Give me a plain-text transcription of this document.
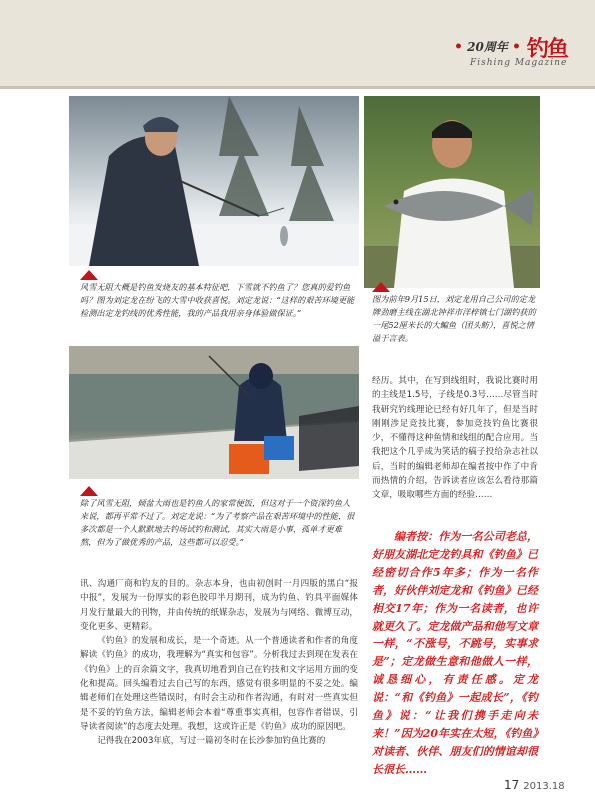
• 20周年 • 钓鱼
Fishing Magazine

风雪无阻大概是钓鱼发烧友的基本特征吧，下雪就不钓鱼了？您真的爱钓鱼吗？图为刘定龙在纷飞的大雪中收获喜悦。刘定龙说：“这样的艰苦环境更能检测出定龙钓线的优秀性能，我的产品我用亲身体验做保证。”

图为前年9月15日，刘定龙用自己公司的定龙牌劲磨主线在湖北钟祥市洋梓镇七门湖钓获的一尾52厘米长的大鳊鱼（团头鲂），喜悦之情溢于言表。

除了风雪无阻，倾盆大雨也是钓鱼人的家常便饭，但这对于一个资深钓鱼人来说，都再平常不过了。刘定龙说：“为了考察产品在艰苦环境中的性能，很多次都是一个人默默地去钓场试钓和测试，其实大雨是小事，孤单才更难熬，但为了做优秀的产品，这些都可以忍受。”

经历。其中，在写到线组时，我说比赛时用的主线是1.5号，子线是0.3号……尽管当时我研究钓线理论已经有好几年了，但是当时刚刚涉足竞技比赛，参加竞技钓鱼比赛很少，不懂得这种鱼情和线组的配合应用。当我把这个几乎成为笑话的稿子投给杂志社以后，当时的编辑老师却在编者按中作了中肯而热情的介绍，告诉读者应该怎么看待那篇文章，吸取哪些方面的经验……

讯、沟通厂商和钓友的目的。杂志本身，也由初创时一月四版的黑白“报中报”，发展为一份厚实的彩色胶印半月期刊，成为钓鱼、钓具平面媒体月发行量最大的刊物，并由传统的纸媒杂志，发展为与网络、微博互动，变化更多、更精彩。

《钓鱼》的发展和成长，是一个奇迹。从一个普通读者和作者的角度解读《钓鱼》的成功，我理解为“真实和包容”。分析我过去到现在发表在《钓鱼》上的百余篇文字，我真切地看到自己在钓技和文字运用方面的变化和提高。回头编看过去自己写的东西，感觉有很多明显的不妥之处。编辑老师们在处理这些错误时，有时会主动和作者沟通，有时对一些真实但是不妥的钓鱼方法，编辑老师会本着“尊重事实真相，包容作者错误，引导读者阅读”的态度去处理。我想，这或许正是《钓鱼》成功的原因吧。

记得我在2003年底，写过一篇初冬时在长沙参加钓鱼比赛的

编者按：作为一名公司老总，好朋友湖北定龙钓具和《钓鱼》已经密切合作5年多；作为一名作者，好伙伴刘定龙和《钓鱼》已经相交17年；作为一名读者，也许就更久了。定龙做产品和他写文章一样，“不涨号，不跳号，实事求是”；定龙做生意和他做人一样，诚恳细心，有责任感。定龙说：“和《钓鱼》一起成长”，《钓鱼》说：“让我们携手走向未来！”因为20年实在太短，《钓鱼》对读者、伙伴、朋友们的情谊却很长很长……

17 2013.18
